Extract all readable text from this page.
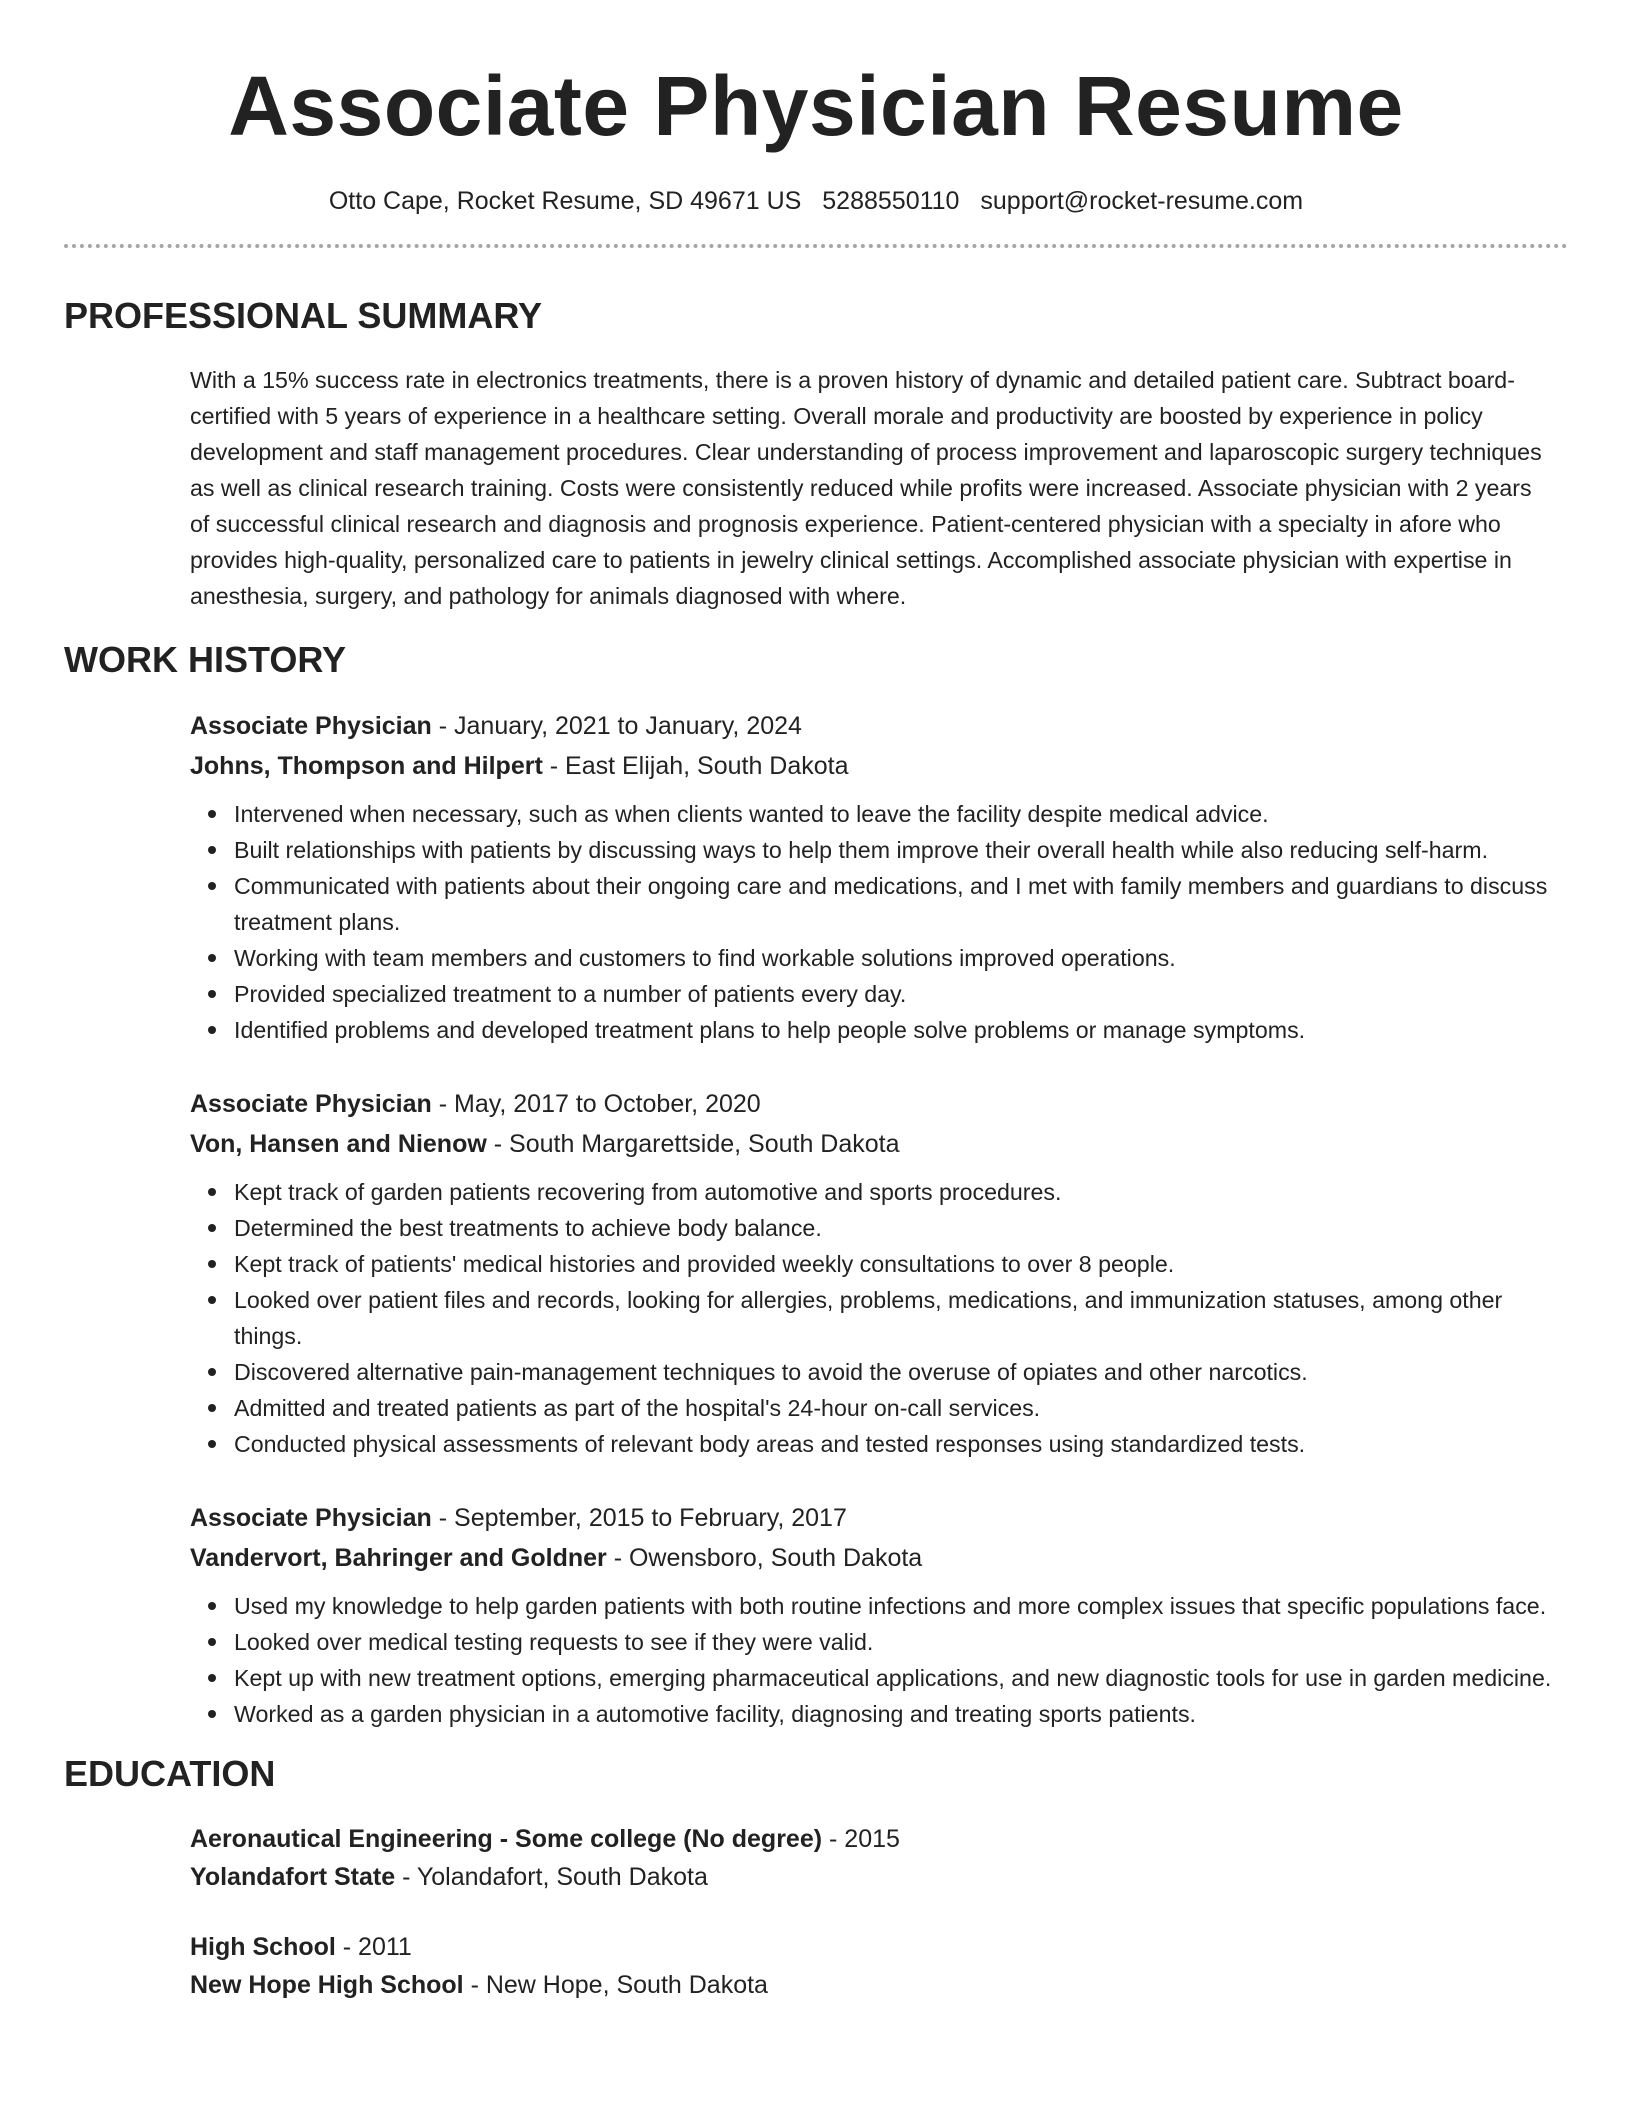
Associate Physician Resume
Otto Cape, Rocket Resume, SD 49671 US 5288550110 support@rocket-resume.com
PROFESSIONAL SUMMARY

With a 15% success rate in electronics treatments, there is a proven history of dynamic and detailed patient care. Subtract board-certified with 5 years of experience in a healthcare setting. Overall morale and productivity are boosted by experience in policy development and staff management procedures. Clear understanding of process improvement and laparoscopic surgery techniques as well as clinical research training. Costs were consistently reduced while profits were increased. Associate physician with 2 years of successful clinical research and diagnosis and prognosis experience. Patient-centered physician with a specialty in afore who provides high-quality, personalized care to patients in jewelry clinical settings. Accomplished associate physician with expertise in anesthesia, surgery, and pathology for animals diagnosed with where.

WORK HISTORY
Associate Physician - January, 2021 to January, 2024
Johns, Thompson and Hilpert - East Elijah, South Dakota
Intervened when necessary, such as when clients wanted to leave the facility despite medical advice.
Built relationships with patients by discussing ways to help them improve their overall health while also reducing self-harm.
Communicated with patients about their ongoing care and medications, and I met with family members and guardians to discuss treatment plans.
Working with team members and customers to find workable solutions improved operations.
Provided specialized treatment to a number of patients every day.
Identified problems and developed treatment plans to help people solve problems or manage symptoms.
Associate Physician - May, 2017 to October, 2020
Von, Hansen and Nienow - South Margarettside, South Dakota
Kept track of garden patients recovering from automotive and sports procedures.
Determined the best treatments to achieve body balance.
Kept track of patients' medical histories and provided weekly consultations to over 8 people.
Looked over patient files and records, looking for allergies, problems, medications, and immunization statuses, among other things.
Discovered alternative pain-management techniques to avoid the overuse of opiates and other narcotics.
Admitted and treated patients as part of the hospital's 24-hour on-call services.
Conducted physical assessments of relevant body areas and tested responses using standardized tests.
Associate Physician - September, 2015 to February, 2017
Vandervort, Bahringer and Goldner - Owensboro, South Dakota
Used my knowledge to help garden patients with both routine infections and more complex issues that specific populations face.
Looked over medical testing requests to see if they were valid.
Kept up with new treatment options, emerging pharmaceutical applications, and new diagnostic tools for use in garden medicine.
Worked as a garden physician in a automotive facility, diagnosing and treating sports patients.
EDUCATION
Aeronautical Engineering - Some college (No degree) - 2015
Yolandafort State - Yolandafort, South Dakota
High School - 2011
New Hope High School - New Hope, South Dakota
